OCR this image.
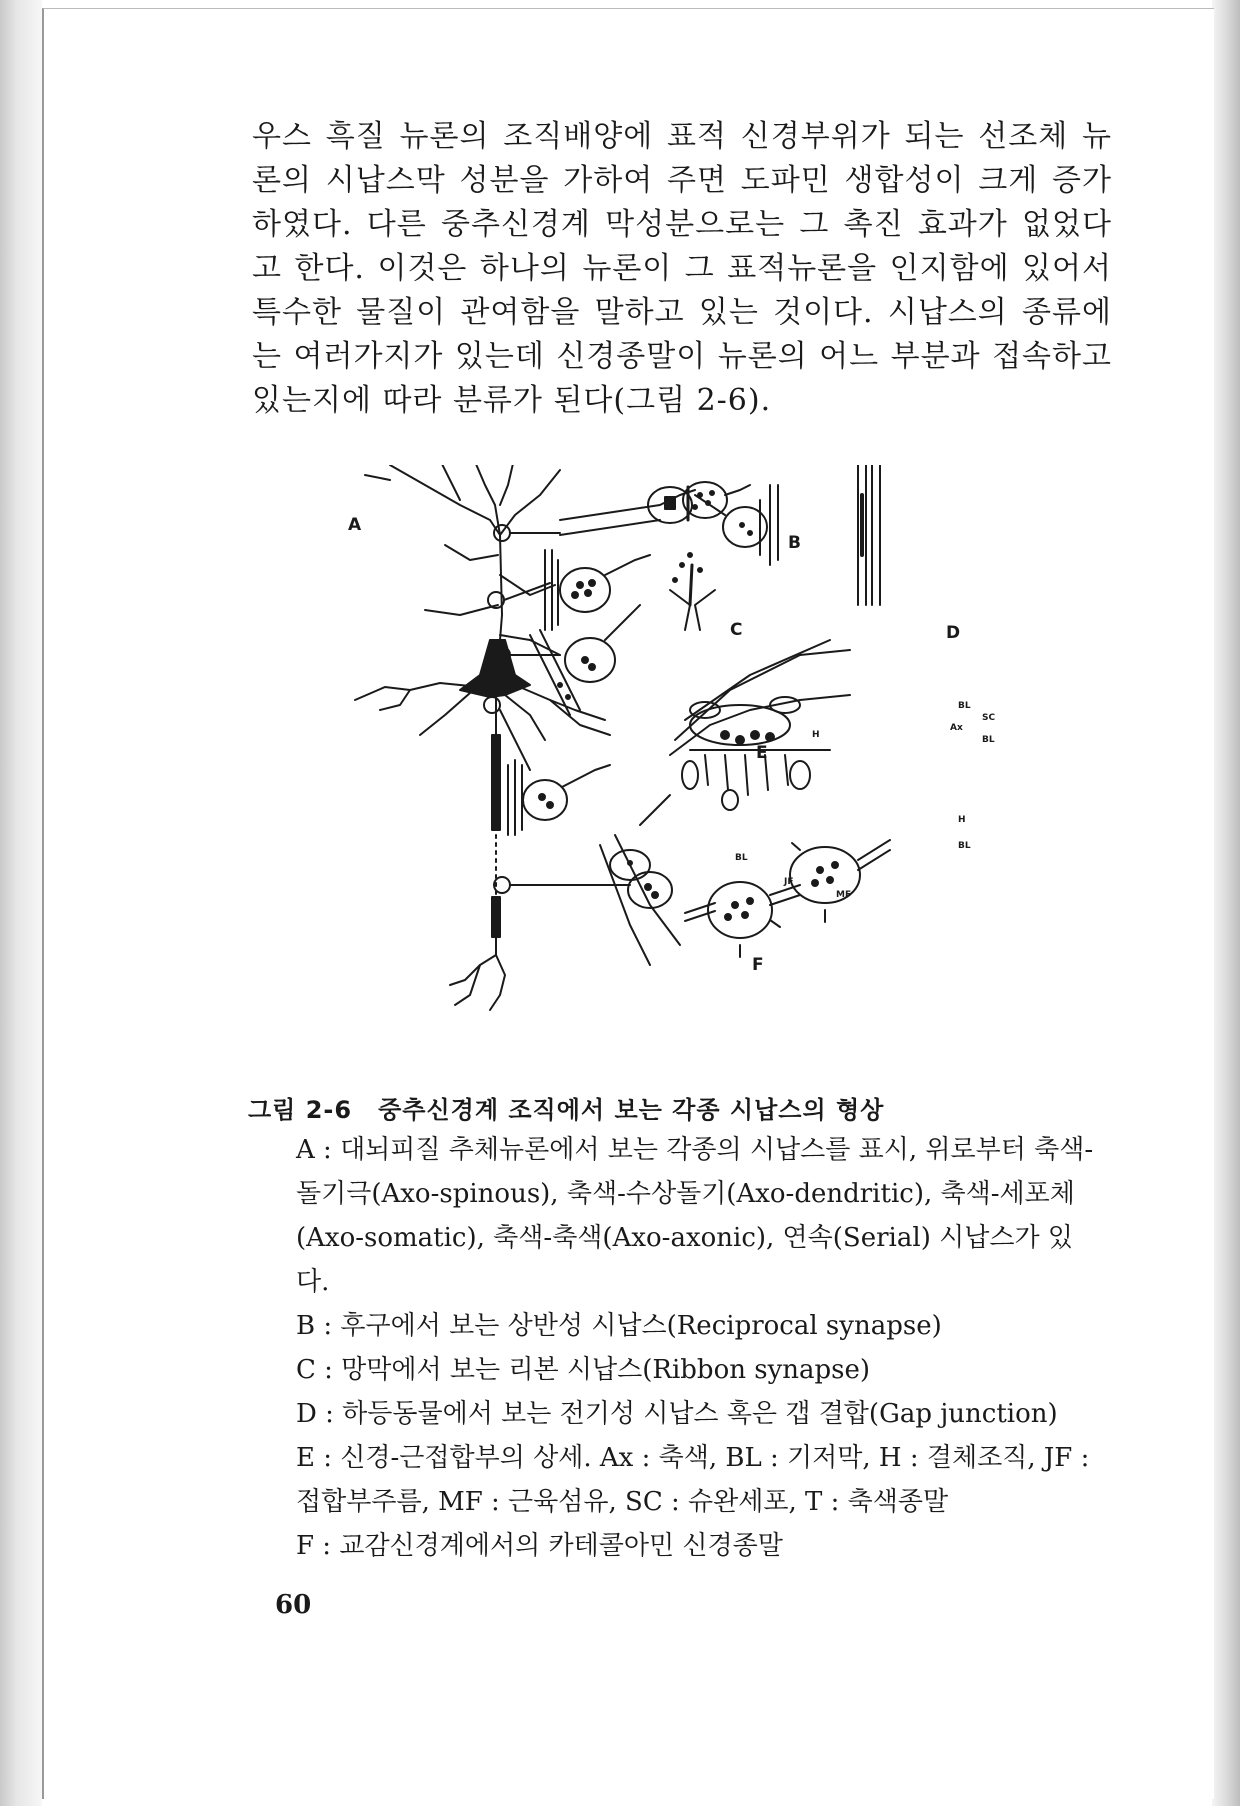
우스 흑질 뉴론의 조직배양에 표적 신경부위가 되는 선조체 뉴론의 시납스막 성분을 가하여 주면 도파민 생합성이 크게 증가하였다. 다른 중추신경계 막성분으로는 그 촉진 효과가 없었다고 한다. 이것은 하나의 뉴론이 그 표적뉴론을 인지함에 있어서 특수한 물질이 관여함을 말하고 있는 것이다. 시납스의 종류에는 여러가지가 있는데 신경종말이 뉴론의 어느 부분과 접속하고 있는지에 따라 분류가 된다(그림 2-6).

A
B
C	D
E
F
BL
SC
Ax
BL
H
H
BL
BL
JF
MF
그림 2-6 중추신경계 조직에서 보는 각종 시납스의 형상

A : 대뇌피질 추체뉴론에서 보는 각종의 시납스를 표시, 위로부터 축색-돌기극(Axo-spinous), 축색-수상돌기(Axo-dendritic), 축색-세포체(Axo-somatic), 축색-축색(Axo-axonic), 연속(Serial) 시납스가 있다.

B : 후구에서 보는 상반성 시납스(Reciprocal synapse)

C : 망막에서 보는 리본 시납스(Ribbon synapse)

D : 하등동물에서 보는 전기성 시납스 혹은 갭 결합(Gap junction)

E : 신경-근접합부의 상세. Ax : 축색, BL : 기저막, H : 결체조직, JF : 접합부주름, MF : 근육섬유, SC : 슈완세포, T : 축색종말

F : 교감신경계에서의 카테콜아민 신경종말

60
